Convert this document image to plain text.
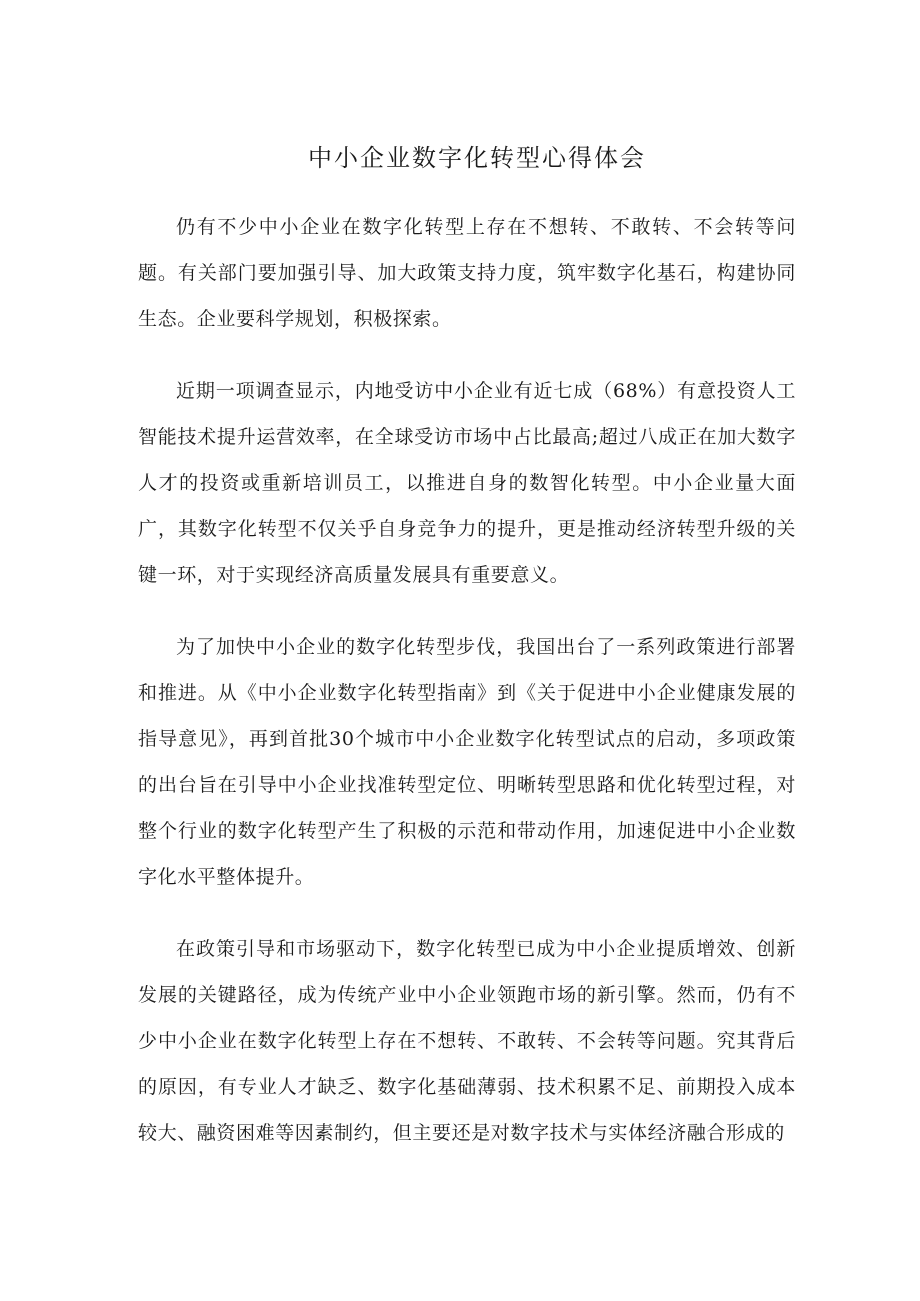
中小企业数字化转型心得体会

仍有不少中小企业在数字化转型上存在不想转、不敢转、不会转等问题。有关部门要加强引导、加大政策支持力度，筑牢数字化基石，构建协同生态。企业要科学规划，积极探索。

近期一项调查显示，内地受访中小企业有近七成（68%）有意投资人工智能技术提升运营效率，在全球受访市场中占比最高;超过八成正在加大数字人才的投资或重新培训员工，以推进自身的数智化转型。中小企业量大面广，其数字化转型不仅关乎自身竞争力的提升，更是推动经济转型升级的关键一环，对于实现经济高质量发展具有重要意义。

为了加快中小企业的数字化转型步伐，我国出台了一系列政策进行部署和推进。从《中小企业数字化转型指南》到《关于促进中小企业健康发展的指导意见》，再到首批30个城市中小企业数字化转型试点的启动，多项政策的出台旨在引导中小企业找准转型定位、明晰转型思路和优化转型过程，对整个行业的数字化转型产生了积极的示范和带动作用，加速促进中小企业数字化水平整体提升。

在政策引导和市场驱动下，数字化转型已成为中小企业提质增效、创新发展的关键路径，成为传统产业中小企业领跑市场的新引擎。然而，仍有不少中小企业在数字化转型上存在不想转、不敢转、不会转等问题。究其背后的原因，有专业人才缺乏、数字化基础薄弱、技术积累不足、前期投入成本较大、融资困难等因素制约，但主要还是对数字技术与实体经济融合形成的
